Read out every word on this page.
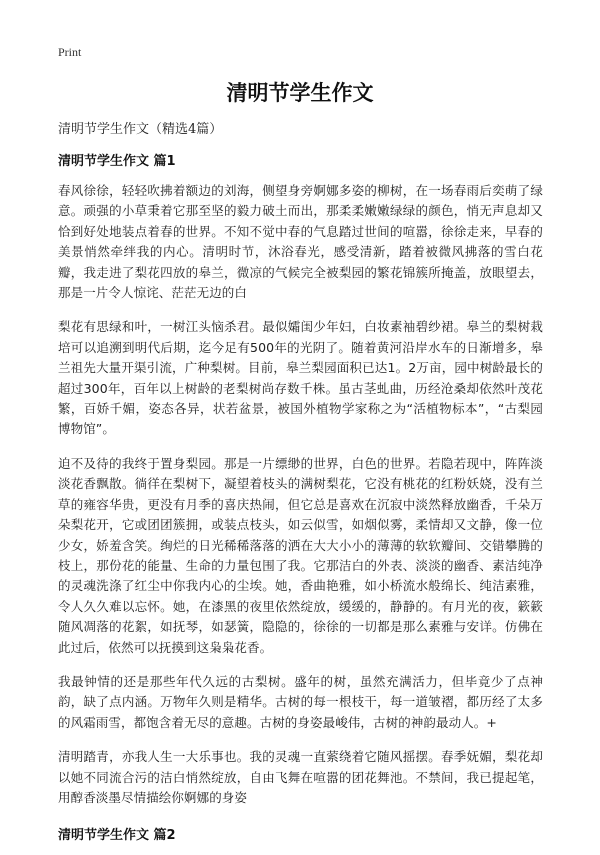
Print
清明节学生作文

清明节学生作文（精选4篇）

清明节学生作文 篇1

春风徐徐，轻轻吹拂着额边的刘海，侧望身旁婀娜多姿的柳树，在一场春雨后奕萌了绿意。顽强的小草秉着它那至坚的毅力破土而出，那柔柔嫩嫩绿绿的颜色，悄无声息却又恰到好处地装点着春的世界。不知不觉中春的气息踏过世间的喧嚣，徐徐走来，早春的美景悄然牵绊我的内心。清明时节，沐浴春光，感受清新，踏着被微风拂落的雪白花瓣，我走进了梨花四放的皋兰，微凉的气候完全被梨园的繁花锦簇所掩盖，放眼望去，那是一片令人惊诧、茫茫无边的白

梨花有思绿和叶，一树江头恼杀君。最似孀闺少年妇，白妆素袖碧纱裙。皋兰的梨树栽培可以追溯到明代后期，迄今足有500年的光阴了。随着黄河沿岸水车的日渐增多，皋兰祖先大量开渠引流，广种梨树。目前，皋兰梨园面积已达1。2万亩，园中树龄最长的超过300年，百年以上树龄的老梨树尚存数千株。虽古茎虬曲，历经沧桑却依然叶茂花繁，百娇千媚，姿态各异，状若盆景，被国外植物学家称之为“活植物标本”，“古梨园博物馆”。

迫不及待的我终于置身梨园。那是一片缥缈的世界，白色的世界。若隐若现中，阵阵淡淡花香飘散。徜徉在梨树下，凝望着枝头的满树梨花，它没有桃花的红粉妖娆，没有兰草的雍容华贵，更没有月季的喜庆热闹，但它总是喜欢在沉寂中淡然释放幽香，千朵万朵梨花开，它或团团簇拥，或装点枝头，如云似雪，如烟似雾，柔情却又文静，像一位少女，娇羞含笑。绚烂的日光稀稀落落的洒在大大小小的薄薄的软软瓣间、交错攀腾的枝上，那份花的能量、生命的力量包围了我。它那洁白的外表、淡淡的幽香、素洁纯净的灵魂洗涤了红尘中你我内心的尘埃。她，香曲艳雅，如小桥流水般绵长、纯洁素雅，令人久久难以忘怀。她，在漆黑的夜里依然绽放，缓缓的，静静的。有月光的夜，簌簌随风凋落的花絮，如抚琴，如瑟簧，隐隐的，徐徐的一切都是那么素雅与安详。仿佛在此过后，依然可以抚摸到这枭枭花香。

我最钟情的还是那些年代久远的古梨树。盛年的树，虽然充满活力，但毕竟少了点神韵，缺了点内涵。万物年久则是精华。古树的每一根枝干，每一道皱褶，都历经了太多的风霜雨雪，都饱含着无尽的意趣。古树的身姿最峻伟，古树的神韵最动人。+

清明踏青，亦我人生一大乐事也。我的灵魂一直萦绕着它随风摇摆。春季妩媚，梨花却以她不同流合污的洁白悄然绽放，自由飞舞在喧嚣的团花舞池。不禁间，我已提起笔，用醇香淡墨尽情描绘你婀娜的身姿

清明节学生作文 篇2
